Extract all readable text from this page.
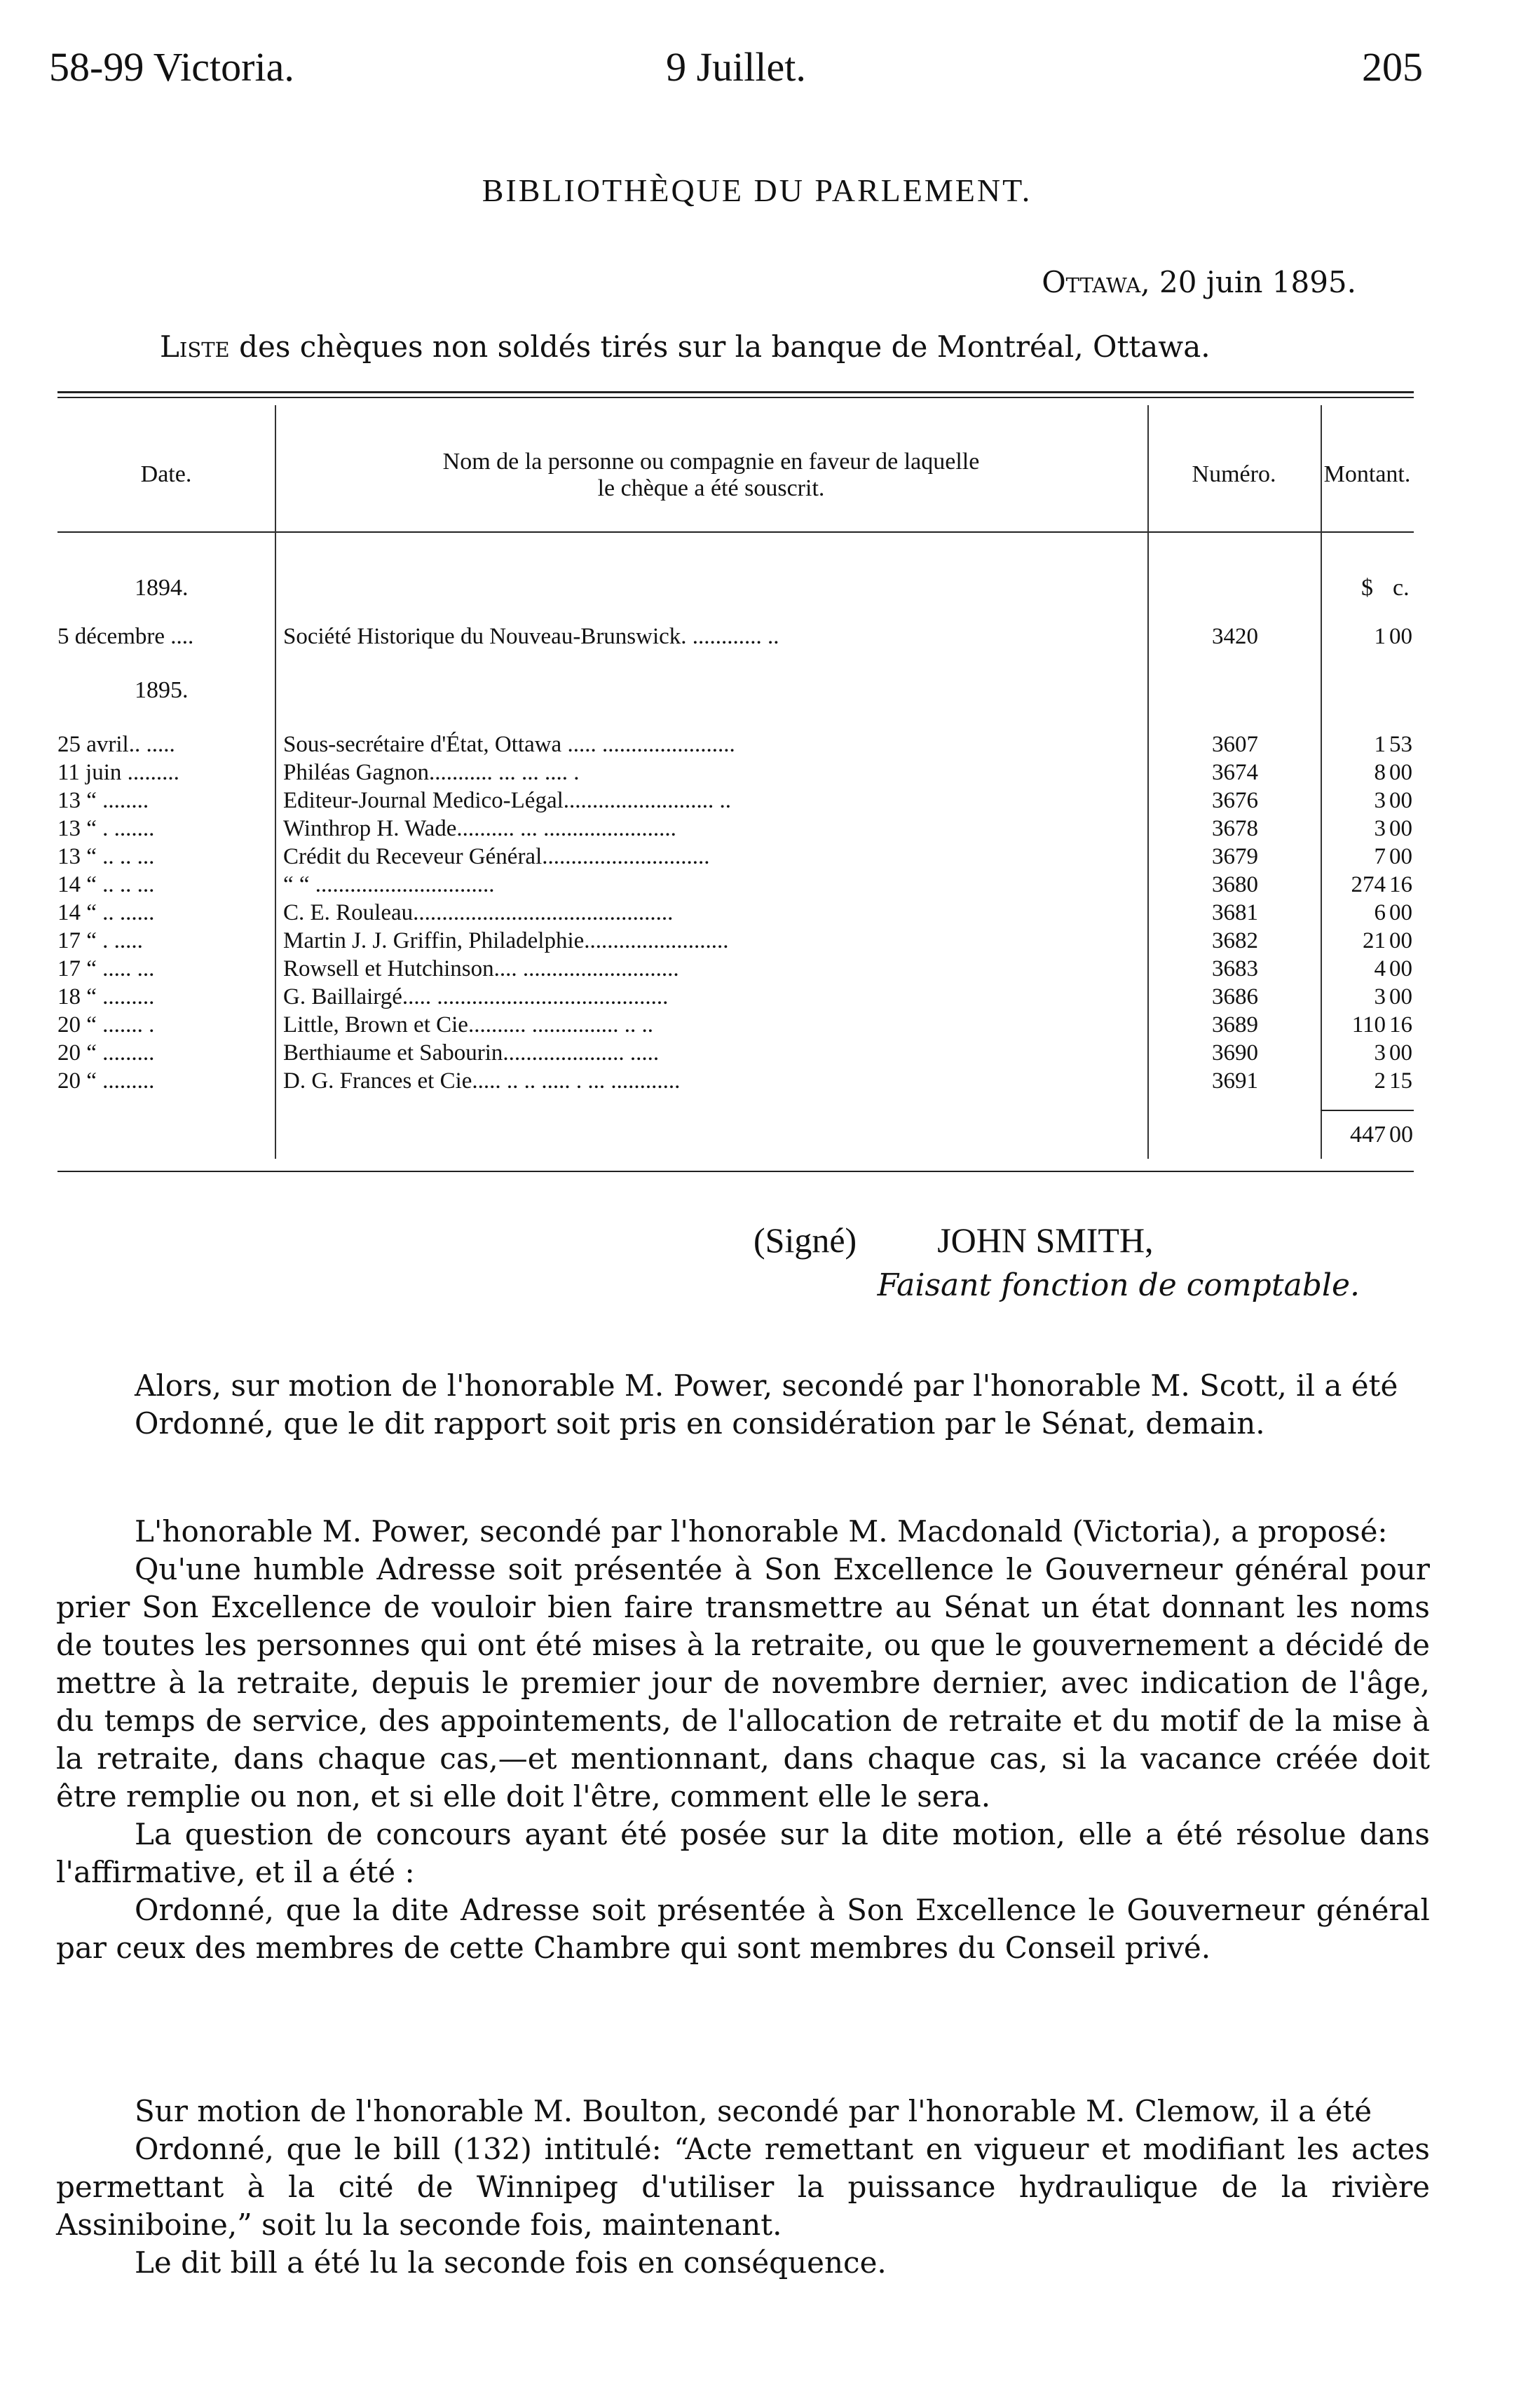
58-99 Victoria.	9 Juillet.	205
BIBLIOTHÈQUE DU PARLEMENT.
Ottawa, 20 juin 1895.
Liste des chèques non soldés tirés sur la banque de Montréal, Ottawa.
Date.	Nom de la personne ou compagnie en faveur de laquelle
le chèque a été souscrit.
Numéro.	Montant.
$ c.
1894.
5 décembre ....	Société Historique du Nouveau-Brunswick. ............ ..	3420	1 00
1895.
25 avril.. .....	Sous-secrétaire d'État, Ottawa ..... .......................	3607	1 53
11 juin .........	Philéas Gagnon........... ... ... .... .	3674	8 00
13 “ ........	Editeur-Journal Medico-Légal.......................... ..	3676	3 00
13 “ . .......	Winthrop H. Wade.......... ... .......................	3678	3 00
13 “ .. .. ...	Crédit du Receveur Général.............................	3679	7 00
14 “ .. .. ...	“ “ ...............................	3680	274 16
14 “ .. ......	C. E. Rouleau.............................................	3681	6 00
17 “ . .....	Martin J. J. Griffin, Philadelphie.........................	3682	21 00
17 “ ..... ...	Rowsell et Hutchinson.... ...........................	3683	4 00
18 “ .........	G. Baillairgé..... ........................................	3686	3 00
20 “ ....... .	Little, Brown et Cie.......... ............... .. ..	3689	110 16
20 “ .........	Berthiaume et Sabourin..................... .....	3690	3 00
20 “ .........	D. G. Frances et Cie..... .. .. ..... . ... ............	3691	2 15
447 00
(Signé) JOHN SMITH,
Faisant fonction de comptable.

Alors, sur motion de l'honorable M. Power, secondé par l'honorable M. Scott, il a été

Ordonné, que le dit rapport soit pris en considération par le Sénat, demain.

L'honorable M. Power, secondé par l'honorable M. Macdonald (Victoria), a proposé:

Qu'une humble Adresse soit présentée à Son Excellence le Gouverneur général pour prier Son Excellence de vouloir bien faire transmettre au Sénat un état donnant les noms de toutes les personnes qui ont été mises à la retraite, ou que le gouvernement a décidé de mettre à la retraite, depuis le premier jour de novembre dernier, avec indication de l'âge, du temps de service, des appointements, de l'allocation de retraite et du motif de la mise à la retraite, dans chaque cas,—et mentionnant, dans chaque cas, si la vacance créée doit être remplie ou non, et si elle doit l'être, comment elle le sera.

La question de concours ayant été posée sur la dite motion, elle a été résolue dans l'affirmative, et il a été :

Ordonné, que la dite Adresse soit présentée à Son Excellence le Gouverneur général par ceux des membres de cette Chambre qui sont membres du Conseil privé.

Sur motion de l'honorable M. Boulton, secondé par l'honorable M. Clemow, il a été

Ordonné, que le bill (132) intitulé: “Acte remettant en vigueur et modifiant les actes permettant à la cité de Winnipeg d'utiliser la puissance hydraulique de la rivière Assiniboine,” soit lu la seconde fois, maintenant.

Le dit bill a été lu la seconde fois en conséquence.
